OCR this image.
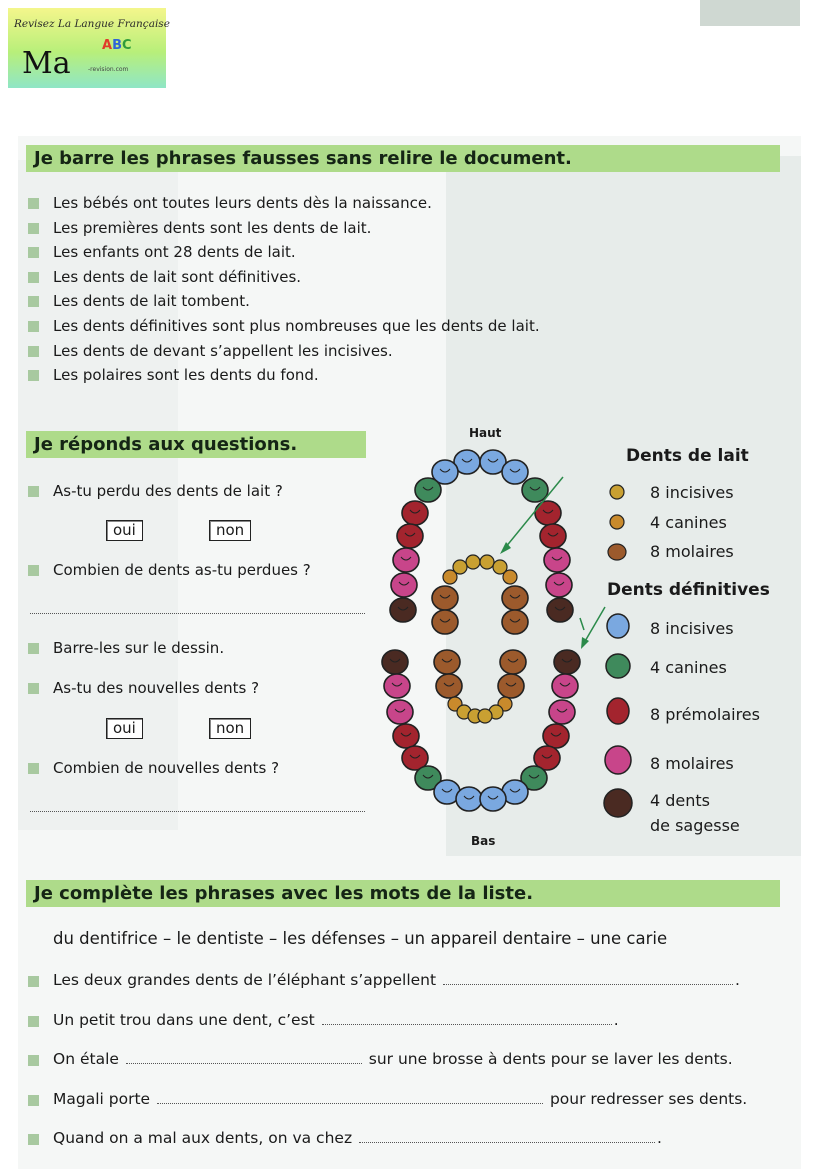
Revisez La Langue Française
Ma
ABC
-revision.com
Je barre les phrases fausses sans relire le document.
Les bébés ont toutes leurs dents dès la naissance.
Les premières dents sont les dents de lait.
Les enfants ont 28 dents de lait.
Les dents de lait sont définitives.
Les dents de lait tombent.
Les dents définitives sont plus nombreuses que les dents de lait.
Les dents de devant s’appellent les incisives.
Les polaires sont les dents du fond.
Je réponds aux questions.
As-tu perdu des dents de lait ?
oui	non
Combien de dents as-tu perdues ?
Barre-les sur le dessin.
As-tu des nouvelles dents ?
oui	non
Combien de nouvelles dents ?
Haut
Bas
Dents de lait
8 incisives
4 canines
8 molaires
Dents définitives
8 incisives
4 canines
8 prémolaires
8 molaires
4 dents
de sagesse
Je complète les phrases avec les mots de la liste.
du dentifrice – le dentiste – les défenses – un appareil dentaire – une carie
Les deux grandes dents de l’éléphant s’appellent	.
Un petit trou dans une dent, c’est	.
On étale	sur une brosse à dents pour se laver les dents.
Magali porte	pour redresser ses dents.
Quand on a mal aux dents, on va chez	.
